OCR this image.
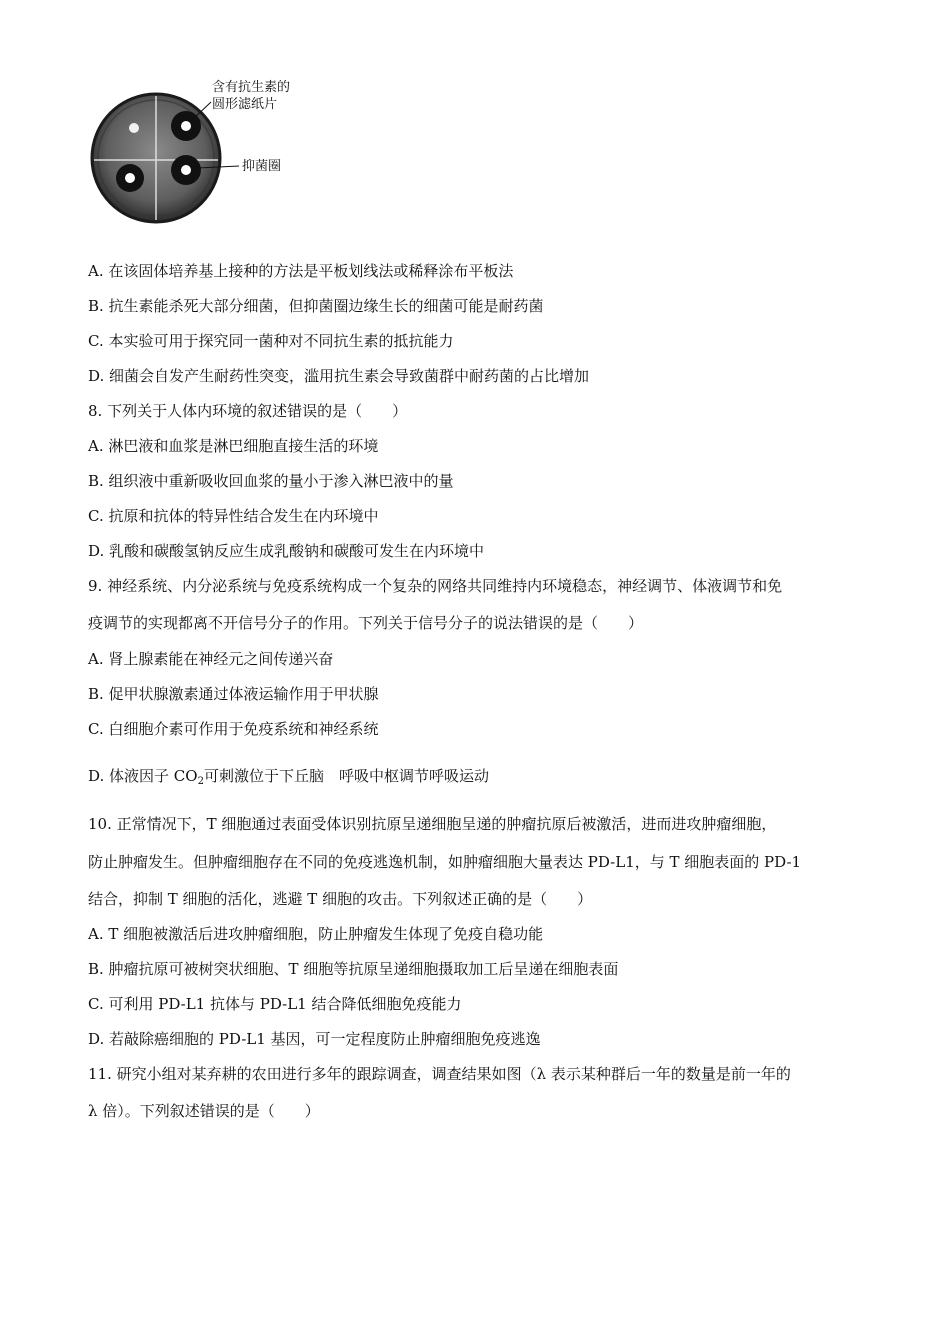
含有抗生素的
圆形滤纸片
抑菌圈
A. 在该固体培养基上接种的方法是平板划线法或稀释涂布平板法
B. 抗生素能杀死大部分细菌，但抑菌圈边缘生长的细菌可能是耐药菌
C. 本实验可用于探究同一菌种对不同抗生素的抵抗能力
D. 细菌会自发产生耐药性突变，滥用抗生素会导致菌群中耐药菌的占比增加
8. 下列关于人体内环境的叙述错误的是（　　）
A. 淋巴液和血浆是淋巴细胞直接生活的环境
B. 组织液中重新吸收回血浆的量小于渗入淋巴液中的量
C. 抗原和抗体的特异性结合发生在内环境中
D. 乳酸和碳酸氢钠反应生成乳酸钠和碳酸可发生在内环境中
9. 神经系统、内分泌系统与免疫系统构成一个复杂的网络共同维持内环境稳态，神经调节、体液调节和免
疫调节的实现都离不开信号分子的作用。下列关于信号分子的说法错误的是（　　）
A. 肾上腺素能在神经元之间传递兴奋
B. 促甲状腺激素通过体液运输作用于甲状腺
C. 白细胞介素可作用于免疫系统和神经系统
D. 体液因子 $CO_2$可刺激位于下丘脑　呼吸中枢调节呼吸运动
10. 正常情况下，T 细胞通过表面受体识别抗原呈递细胞呈递的肿瘤抗原后被激活，进而进攻肿瘤细胞，
防止肿瘤发生。但肿瘤细胞存在不同的免疫逃逸机制，如肿瘤细胞大量表达 PD-L1，与 T 细胞表面的 PD-1
结合，抑制 T 细胞的活化，逃避 T 细胞的攻击。下列叙述正确的是（　　）
A. T 细胞被激活后进攻肿瘤细胞，防止肿瘤发生体现了免疫自稳功能
B. 肿瘤抗原可被树突状细胞、T 细胞等抗原呈递细胞摄取加工后呈递在细胞表面
C. 可利用 PD-L1 抗体与 PD-L1 结合降低细胞免疫能力
D. 若敲除癌细胞的 PD-L1 基因，可一定程度防止肿瘤细胞免疫逃逸
11. 研究小组对某弃耕的农田进行多年的跟踪调查，调查结果如图（λ 表示某种群后一年的数量是前一年的
λ 倍）。下列叙述错误的是（　　）
